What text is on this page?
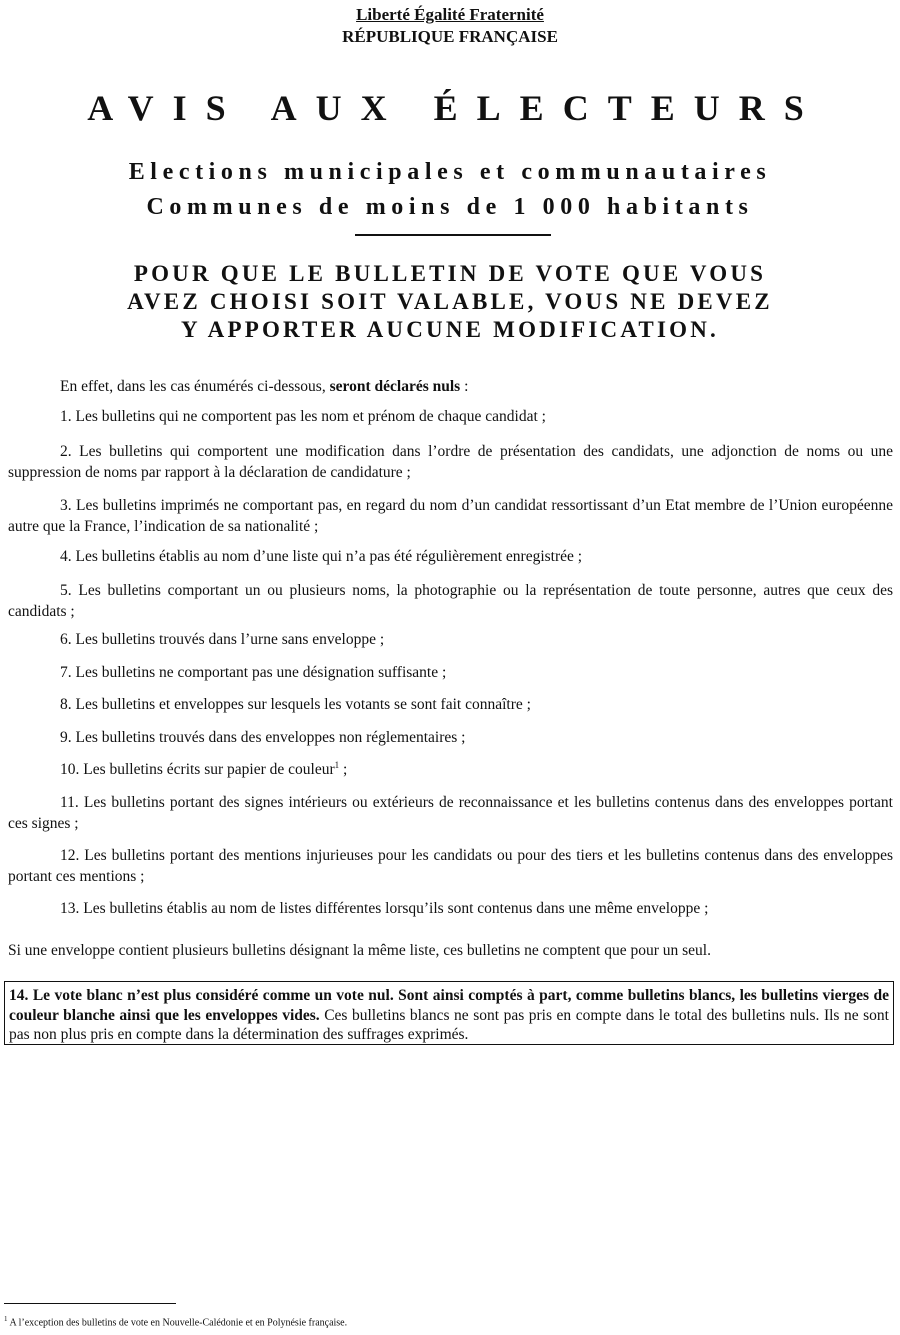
Liberté Égalité Fraternité
RÉPUBLIQUE FRANÇAISE
AVIS AUX ÉLECTEURS
Elections municipales et communautaires
Communes de moins de 1 000 habitants
POUR QUE LE BULLETIN DE VOTE QUE VOUS
AVEZ CHOISI SOIT VALABLE, VOUS NE DEVEZ
Y APPORTER AUCUNE MODIFICATION.

En effet, dans les cas énumérés ci-dessous, seront déclarés nuls :

1. Les bulletins qui ne comportent pas les nom et prénom de chaque candidat ;

2. Les bulletins qui comportent une modification dans l’ordre de présentation des candidats, une adjonction de noms ou une suppression de noms par rapport à la déclaration de candidature ;

3. Les bulletins imprimés ne comportant pas, en regard du nom d’un candidat ressortissant d’un Etat membre de l’Union européenne autre que la France, l’indication de sa nationalité ;

4. Les bulletins établis au nom d’une liste qui n’a pas été régulièrement enregistrée ;

5. Les bulletins comportant un ou plusieurs noms, la photographie ou la représentation de toute personne, autres que ceux des candidats ;

6. Les bulletins trouvés dans l’urne sans enveloppe ;

7. Les bulletins ne comportant pas une désignation suffisante ;

8. Les bulletins et enveloppes sur lesquels les votants se sont fait connaître ;

9. Les bulletins trouvés dans des enveloppes non réglementaires ;

10. Les bulletins écrits sur papier de couleur$^1$ ;

11. Les bulletins portant des signes intérieurs ou extérieurs de reconnaissance et les bulletins contenus dans des enveloppes portant ces signes ;

12. Les bulletins portant des mentions injurieuses pour les candidats ou pour des tiers et les bulletins contenus dans des enveloppes portant ces mentions ;

13. Les bulletins établis au nom de listes différentes lorsqu’ils sont contenus dans une même enveloppe ;

Si une enveloppe contient plusieurs bulletins désignant la même liste, ces bulletins ne comptent que pour un seul.

14. Le vote blanc n’est plus considéré comme un vote nul. Sont ainsi comptés à part, comme bulletins blancs, les bulletins vierges de couleur blanche ainsi que les enveloppes vides. Ces bulletins blancs ne sont pas pris en compte dans le total des bulletins nuls. Ils ne sont pas non plus pris en compte dans la détermination des suffrages exprimés.
$^1$ A l’exception des bulletins de vote en Nouvelle-Calédonie et en Polynésie française.
